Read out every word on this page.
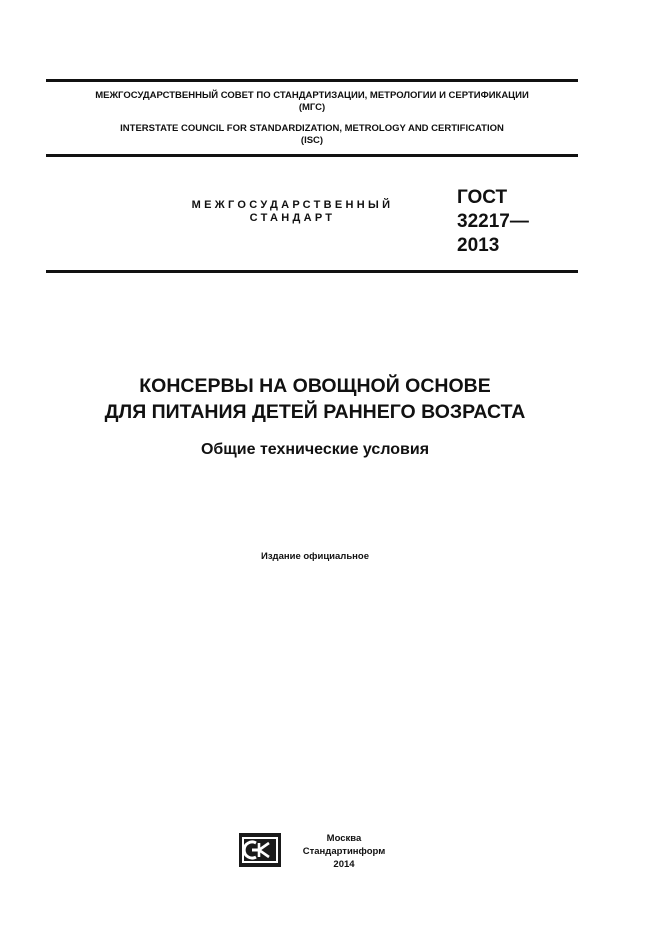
МЕЖГОСУДАРСТВЕННЫЙ СОВЕТ ПО СТАНДАРТИЗАЦИИ, МЕТРОЛОГИИ И СЕРТИФИКАЦИИ
(МГС)
INTERSTATE COUNCIL FOR STANDARDIZATION, METROLOGY AND CERTIFICATION
(ISC)
МЕЖГОСУДАРСТВЕННЫЙ
СТАНДАРТ
ГОСТ
32217—
2013
КОНСЕРВЫ НА ОВОЩНОЙ ОСНОВЕ
ДЛЯ ПИТАНИЯ ДЕТЕЙ РАННЕГО ВОЗРАСТА
Общие технические условия
Издание официальное
Москва
Стандартинформ
2014
